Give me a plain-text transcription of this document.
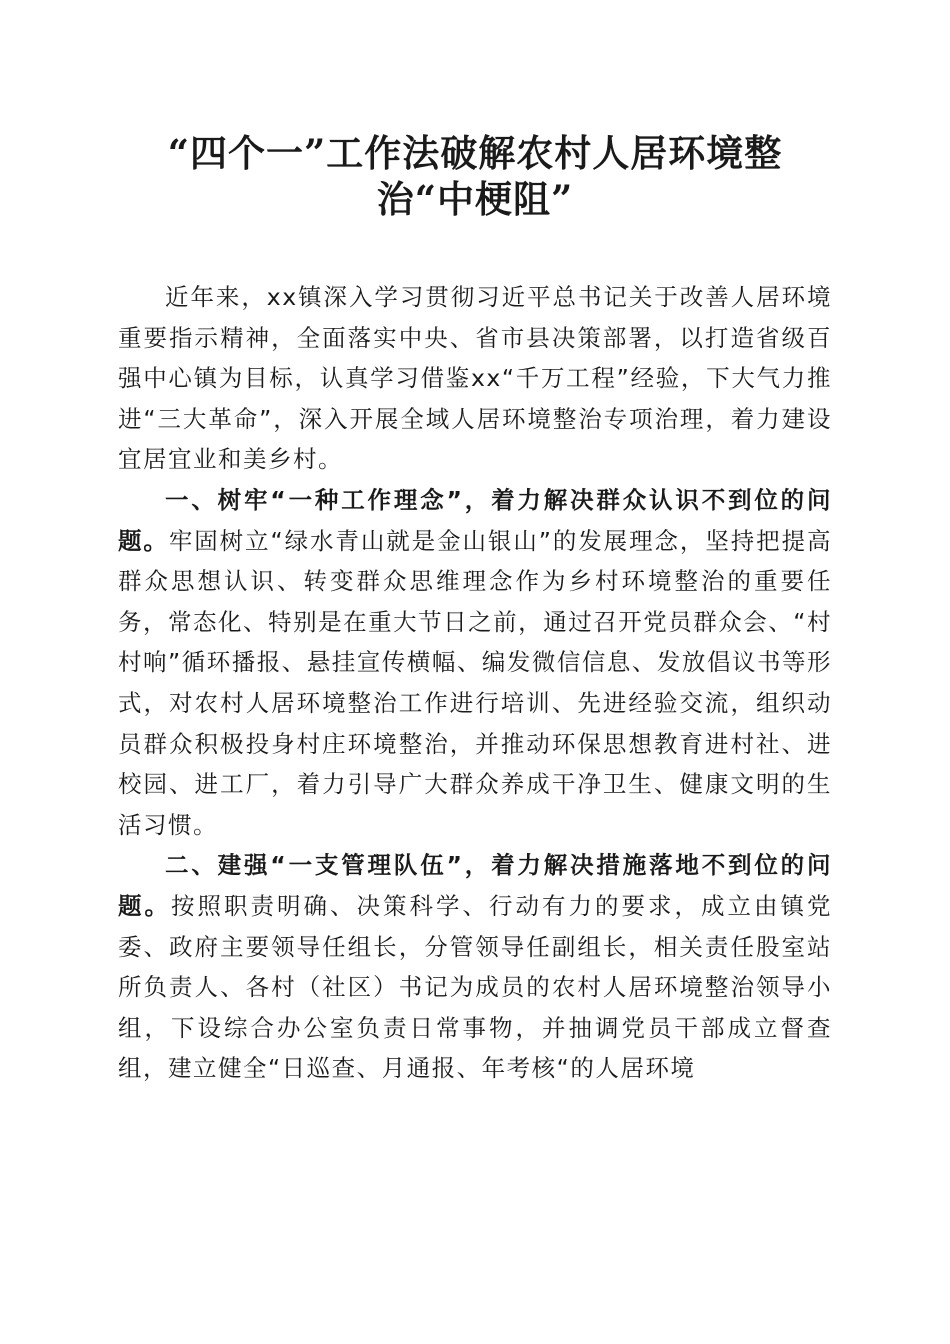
“四个一”工作法破解农村人居环境整治“中梗阻”

近年来，xx镇深入学习贯彻习近平总书记关于改善人居环境重要指示精神，全面落实中央、省市县决策部署，以打造省级百强中心镇为目标，认真学习借鉴xx“千万工程”经验，下大气力推进“三大革命”，深入开展全域人居环境整治专项治理，着力建设宜居宜业和美乡村。

一、树牢“一种工作理念”，着力解决群众认识不到位的问题。牢固树立“绿水青山就是金山银山”的发展理念，坚持把提高群众思想认识、转变群众思维理念作为乡村环境整治的重要任务，常态化、特别是在重大节日之前，通过召开党员群众会、“村村响”循环播报、悬挂宣传横幅、编发微信信息、发放倡议书等形式，对农村人居环境整治工作进行培训、先进经验交流，组织动员群众积极投身村庄环境整治，并推动环保思想教育进村社、进校园、进工厂，着力引导广大群众养成干净卫生、健康文明的生活习惯。

二、建强“一支管理队伍”，着力解决措施落地不到位的问题。按照职责明确、决策科学、行动有力的要求，成立由镇党委、政府主要领导任组长，分管领导任副组长，相关责任股室站所负责人、各村（社区）书记为成员的农村人居环境整治领导小组，下设综合办公室负责日常事物，并抽调党员干部成立督查组，建立健全“日巡查、月通报、年考核“的人居环境
